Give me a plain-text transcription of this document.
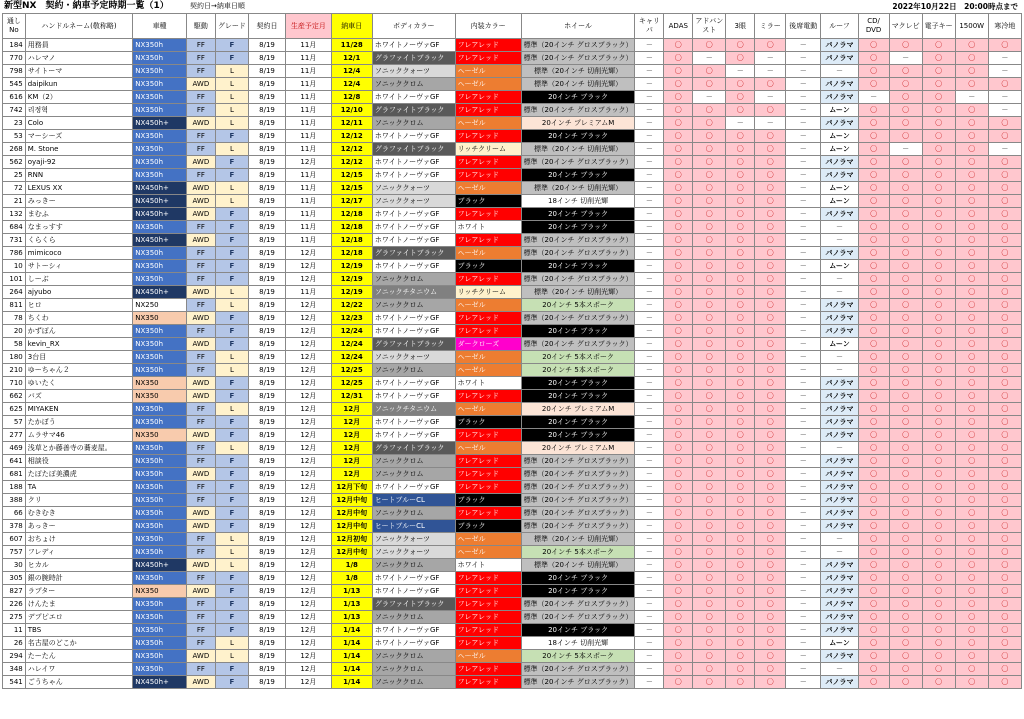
新型NX　契約・納車予定時期一覧（1）	契約日→納車日順	2022年10月22日　20:00時点まで
通し No	ハンドルネーム(敬称略)	車種	駆動	グレード	契約日	生産予定月	納車日	ボディカラー	内装カラー	ホイール	キャリパ	ADAS	アドバンスト	3眼	ミラー	後席電動	ルーフ	CD/ DVD	マクレビ	電子キー	1500W	寒冷地
184	用務員	NX350h	FF	F	8/19	11月	11/28	ホワイトノーヴァGF	フレアレッド	標準（20インチ グロスブラック）	－	〇	〇	〇	〇	－	パノラマ	〇	〇	〇	〇	〇
770	ハレマノ	NX350h	FF	F	8/19	11月	12/1	グラファイトブラック	フレアレッド	標準（20インチ グロスブラック）	－	〇	－	〇	－	－	パノラマ	〇	－	〇	〇	－
798	サイトーマ	NX350h	FF	L	8/19	11月	12/4	ソニッククォーツ	ヘーゼル	標準（20インチ 切削光輝）	－	〇	〇	－	－	－	－	〇	〇	〇	〇	－
545	daipikun	NX350h	AWD	L	8/19	11月	12/4	ソニッククロム	ヘーゼル	標準（20インチ 切削光輝）	－	〇	〇	〇	〇	－	パノラマ	〇	〇	〇	〇	〇
616	KM（2）	NX350h	FF	L	8/19	11月	12/8	ホワイトノーヴァGF	フレアレッド	20インチ ブラック	－	〇	－	〇	－	－	パノラマ	－	〇	〇	－	－
742	리정혁	NX350h	FF	L	8/19	11月	12/10	グラファイトブラック	フレアレッド	標準（20インチ グロスブラック）	－	〇	〇	〇	〇	－	ムーン	〇	〇	〇	〇	－
23	Colo	NX450h+	AWD	L	8/19	11月	12/11	ソニッククロム	ヘーゼル	20インチ プレミアムM	－	〇	〇	－	－	－	パノラマ	〇	〇	〇	〇	〇
53	マーシーズ	NX350h	FF	F	8/19	11月	12/12	ホワイトノーヴァGF	フレアレッド	20インチ ブラック	－	〇	〇	〇	〇	－	ムーン	〇	〇	〇	〇	〇
268	M. Stone	NX350h	FF	L	8/19	11月	12/12	グラファイトブラック	リッチクリーム	標準（20インチ 切削光輝）	－	〇	〇	〇	〇	－	ムーン	〇	－	〇	〇	－
562	oyaji-92	NX350h	AWD	F	8/19	12月	12/12	ホワイトノーヴァGF	フレアレッド	標準（20インチ グロスブラック）	－	〇	〇	〇	〇	－	パノラマ	〇	〇	〇	〇	〇
25	RNN	NX350h	FF	F	8/19	11月	12/15	ホワイトノーヴァGF	フレアレッド	20インチ ブラック	－	〇	〇	〇	〇	－	パノラマ	〇	〇	〇	〇	〇
72	LEXUS XX	NX450h+	AWD	L	8/19	11月	12/15	ソニッククォーツ	ヘーゼル	標準（20インチ 切削光輝）	－	〇	〇	〇	〇	－	ムーン	〇	〇	〇	〇	〇
21	みっきー	NX450h+	AWD	L	8/19	11月	12/17	ソニッククォーツ	ブラック	18インチ 切削光輝	－	〇	〇	〇	〇	－	ムーン	〇	〇	〇	〇	〇
132	まむふ	NX450h+	AWD	F	8/19	11月	12/18	ホワイトノーヴァGF	フレアレッド	20インチ ブラック	－	〇	〇	〇	〇	－	パノラマ	〇	〇	〇	〇	〇
684	なまっすす	NX350h	FF	F	8/19	11月	12/18	ホワイトノーヴァGF	ホワイト	20インチ ブラック	－	〇	〇	〇	〇	－	－	〇	〇	〇	〇	〇
731	くらくら	NX450h+	AWD	F	8/19	11月	12/18	ホワイトノーヴァGF	フレアレッド	標準（20インチ グロスブラック）	－	〇	〇	〇	〇	－	－	〇	〇	〇	〇	〇
786	mimicoco	NX350h	FF	F	8/19	12月	12/18	グラファイトブラック	ヘーゼル	標準（20インチ グロスブラック）	－	〇	〇	〇	〇	－	パノラマ	〇	〇	〇	〇	〇
10	サトーシィ	NX350h	FF	F	8/19	12月	12/19	ホワイトノーヴァGF	ブラック	20インチ ブラック	－	〇	〇	〇	〇	－	ムーン	〇	〇	〇	〇	〇
101	しーぶ	NX350h	FF	F	8/19	12月	12/19	ソニッククロム	フレアレッド	標準（20インチ グロスブラック）	－	〇	〇	〇	〇	－	－	〇	〇	〇	〇	〇
264	ajyubo	NX450h+	AWD	L	8/19	11月	12/19	ソニックチタニウム	リッチクリーム	標準（20インチ 切削光輝）	－	〇	〇	〇	〇	－	－	〇	〇	〇	〇	〇
811	ヒロ	NX250	FF	L	8/19	12月	12/22	ソニッククロム	ヘーゼル	20インチ 5本スポーク	－	〇	〇	〇	〇	－	パノラマ	〇	〇	〇	〇	〇
78	ちくわ	NX350	AWD	F	8/19	12月	12/23	ホワイトノーヴァGF	フレアレッド	標準（20インチ グロスブラック）	－	〇	〇	〇	〇	－	パノラマ	〇	〇	〇	〇	〇
20	かずぽん	NX350h	FF	F	8/19	12月	12/24	ホワイトノーヴァGF	フレアレッド	20インチ ブラック	－	〇	〇	〇	〇	－	パノラマ	〇	〇	〇	〇	〇
58	kevin_RX	NX350h	AWD	F	8/19	12月	12/24	グラファイトブラック	ダークローズ	標準（20インチ グロスブラック）	－	〇	〇	〇	〇	－	ムーン	〇	〇	〇	〇	〇
180	3台目	NX350h	FF	L	8/19	12月	12/24	ソニッククォーツ	ヘーゼル	20インチ 5本スポーク	－	〇	〇	〇	〇	－	－	〇	〇	〇	〇	〇
210	ゆーちゃん２	NX350h	FF	L	8/19	12月	12/25	ソニッククロム	ヘーゼル	20インチ 5本スポーク	－	〇	〇	〇	〇	－	－	〇	〇	〇	〇	〇
710	ゆいたく	NX350	AWD	F	8/19	12月	12/25	ホワイトノーヴァGF	ホワイト	20インチ ブラック	－	〇	〇	〇	〇	－	パノラマ	〇	〇	〇	〇	〇
662	バズ	NX350	AWD	F	8/19	12月	12/31	ホワイトノーヴァGF	フレアレッド	20インチ ブラック	－	〇	〇	〇	〇	－	パノラマ	〇	〇	〇	〇	〇
625	MIYAKEN	NX350h	FF	L	8/19	12月	12月	ソニックチタニウム	ヘーゼル	20インチ プレミアムM	－	〇	〇	〇	〇	－	パノラマ	〇	〇	〇	〇	〇
57	たかぼう	NX350h	FF	F	8/19	12月	12月	ホワイトノーヴァGF	ブラック	20インチ ブラック	－	〇	〇	〇	〇	－	パノラマ	〇	〇	〇	〇	〇
277	ムラサマ46	NX350	AWD	F	8/19	12月	12月	ホワイトノーヴァGF	フレアレッド	20インチ ブラック	－	〇	〇	〇	〇	－	パノラマ	〇	〇	〇	〇	〇
469	浅草とか藤善寺の蕎麦屋。	NX350h	FF	L	8/19	12月	12月	グラファイトブラック	ヘーゼル	20インチ プレミアムM	－	〇	〇	〇	〇	－	－	〇	〇	〇	〇	〇
641	相談役	NX350h	FF	F	8/19	12月	12月	ソニッククロム	フレアレッド	標準（20インチ グロスブラック）	－	〇	〇	〇	〇	－	パノラマ	〇	〇	〇	〇	〇
681	たぽたぽ美濃虎	NX350h	AWD	F	8/19	12月	12月	ソニッククロム	フレアレッド	標準（20インチ グロスブラック）	－	〇	〇	〇	〇	－	パノラマ	〇	〇	〇	〇	〇
188	TA	NX350h	FF	F	8/19	12月	12月下旬	ホワイトノーヴァGF	フレアレッド	標準（20インチ グロスブラック）	－	〇	〇	〇	〇	－	パノラマ	〇	〇	〇	〇	〇
388	クリ	NX350h	FF	F	8/19	12月	12月中旬	ヒートブルーCL	ブラック	標準（20インチ グロスブラック）	－	〇	〇	〇	〇	－	パノラマ	〇	〇	〇	〇	〇
66	むきむき	NX350h	AWD	F	8/19	12月	12月中旬	ソニッククロム	フレアレッド	標準（20インチ グロスブラック）	－	〇	〇	〇	〇	－	パノラマ	〇	〇	〇	〇	〇
378	あっきー	NX350h	AWD	F	8/19	12月	12月中旬	ヒートブルーCL	ブラック	標準（20インチ グロスブラック）	－	〇	〇	〇	〇	－	パノラマ	〇	〇	〇	〇	〇
607	おちょけ	NX350h	FF	L	8/19	12月	12月初旬	ソニッククォーツ	ヘーゼル	標準（20インチ 切削光輝）	－	〇	〇	〇	〇	－	－	〇	〇	〇	〇	〇
757	フレディ	NX350h	FF	L	8/19	12月	12月中旬	ソニッククォーツ	ヘーゼル	20インチ 5本スポーク	－	〇	〇	〇	〇	－	－	〇	〇	〇	〇	〇
30	ヒカル	NX450h+	AWD	L	8/19	12月	1/8	ソニッククロム	ホワイト	標準（20インチ 切削光輝）	－	〇	〇	〇	〇	－	パノラマ	〇	〇	〇	〇	〇
305	銀の腕時計	NX350h	FF	F	8/19	12月	1/8	ホワイトノーヴァGF	フレアレッド	20インチ ブラック	－	〇	〇	〇	〇	－	パノラマ	〇	〇	〇	〇	〇
827	ラプター	NX350	AWD	F	8/19	12月	1/13	ホワイトノーヴァGF	フレアレッド	20インチ ブラック	－	〇	〇	〇	〇	－	パノラマ	〇	〇	〇	〇	〇
226	けんたま	NX350h	FF	F	8/19	12月	1/13	グラファイトブラック	フレアレッド	標準（20インチ グロスブラック）	－	〇	〇	〇	〇	－	パノラマ	〇	〇	〇	〇	〇
275	デプピエロ	NX350h	FF	F	8/19	12月	1/13	ソニッククロム	フレアレッド	標準（20インチ グロスブラック）	－	〇	〇	〇	〇	－	パノラマ	〇	〇	〇	〇	〇
11	TBS	NX350h	FF	F	8/19	12月	1/14	ホワイトノーヴァGF	フレアレッド	20インチ ブラック	－	〇	〇	〇	〇	－	パノラマ	〇	〇	〇	〇	〇
26	名古屋のどこか	NX350h	FF	L	8/19	12月	1/14	ホワイトノーヴァGF	フレアレッド	18インチ 切削光輝	－	〇	〇	〇	〇	－	ムーン	〇	〇	〇	〇	〇
294	たーたん	NX350h	AWD	L	8/19	12月	1/14	ソニッククロム	ヘーゼル	20インチ 5本スポーク	－	〇	〇	〇	〇	－	パノラマ	〇	〇	〇	〇	〇
348	ハレイワ	NX350h	FF	F	8/19	12月	1/14	ソニッククロム	フレアレッド	標準（20インチ グロスブラック）	－	〇	〇	〇	〇	－	－	〇	〇	〇	〇	〇
541	ごうちゃん	NX450h+	AWD	F	8/19	12月	1/14	ソニッククロム	フレアレッド	標準（20インチ グロスブラック）	－	〇	〇	〇	〇	－	パノラマ	〇	〇	〇	〇	〇
